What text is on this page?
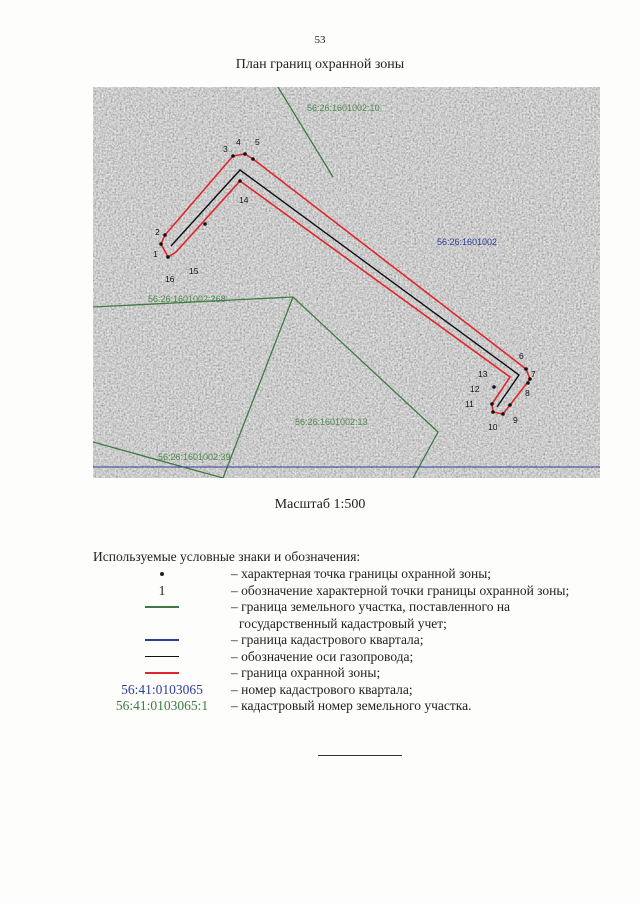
53
План границ охранной зоны
56:26:1601002:10
56:26:1601002
56:26:1601002:268
56:26:1601002:13
56:26:1601002:39
1
2
3
4 5
6
7
8
9
10
11
12
13
14
15
16
Масштаб 1:500
Используемые условные знаки и обозначения:
– характерная точка границы охранной зоны;
1	– обозначение характерной точки границы охранной зоны;
– граница земельного участка, поставленного на
государственный кадастровый учет;
– граница кадастрового квартала;
– обозначение оси газопровода;
– граница охранной зоны;
56:41:0103065 – номер кадастрового квартала;
56:41:0103065:1 – кадастровый номер земельного участка.
